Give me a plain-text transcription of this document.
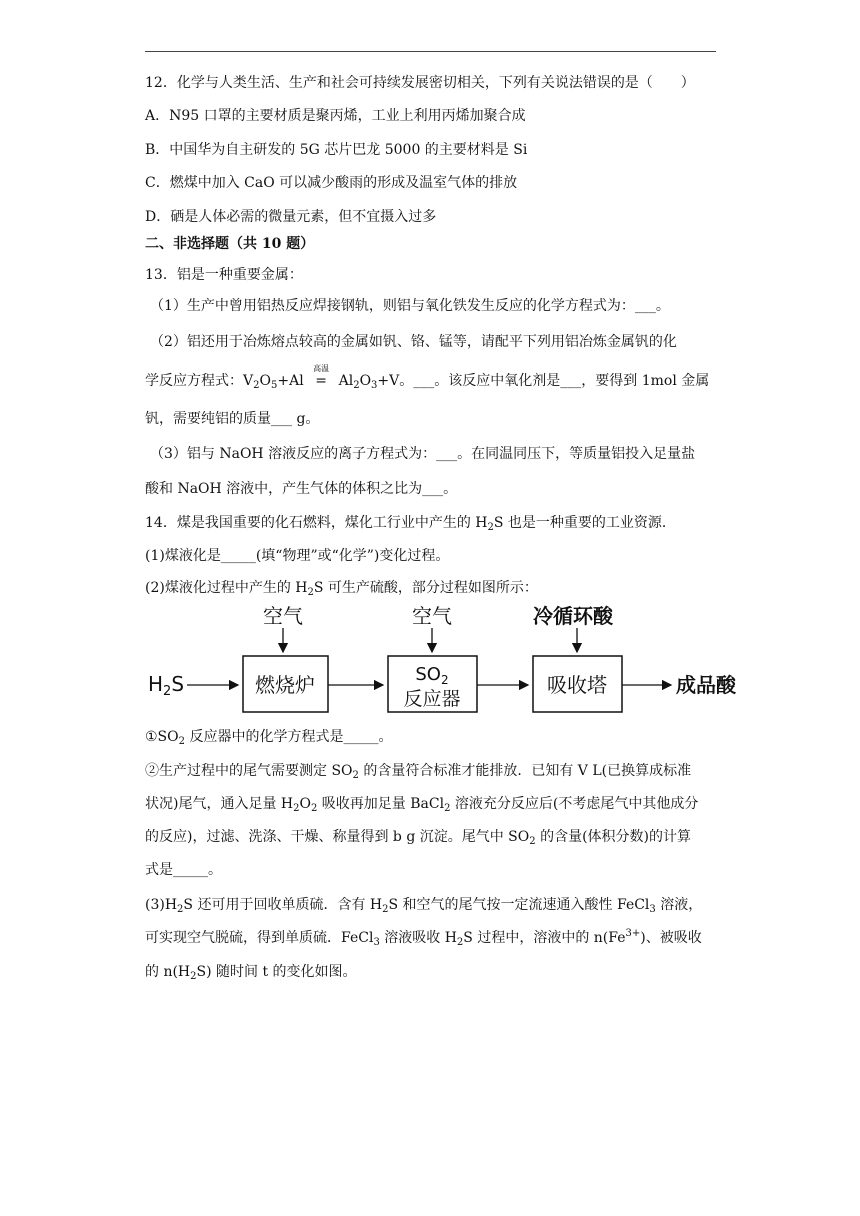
12．化学与人类生活、生产和社会可持续发展密切相关，下列有关说法错误的是（　　）
A．N95 口罩的主要材质是聚丙烯，工业上利用丙烯加聚合成
B．中国华为自主研发的 5G 芯片巴龙 5000 的主要材料是 Si
C．燃煤中加入 CaO 可以减少酸雨的形成及温室气体的排放
D．硒是人体必需的微量元素，但不宜摄入过多
二、非选择题（共 10 题）
13．铝是一种重要金属：
（1）生产中曾用铝热反应焊接钢轨，则铝与氧化铁发生反应的化学方程式为：___。
（2）铝还用于冶炼熔点较高的金属如钒、铬、锰等，请配平下列用铝冶炼金属钒的化
学反应方程式：$V_2O_5+Al$
高温
= $Al_2O_3+V$。___。该反应中氧化剂是___，要得到 1mol 金属
钒，需要纯铝的质量___ g。
（3）铝与 NaOH 溶液反应的离子方程式为：___。在同温同压下，等质量铝投入足量盐
酸和 NaOH 溶液中，产生气体的体积之比为___。
14．煤是我国重要的化石燃料，煤化工行业中产生的 $H_2S$ 也是一种重要的工业资源．
(1)煤液化是_____(填“物理”或“化学”)变化过程。
(2)煤液化过程中产生的 $H_2S$ 可生产硫酸，部分过程如图所示：
空气	空气	冷循环酸
$H_2S$	燃烧炉	$SO_2$
反应器
吸收塔	成品酸
$①SO_2$ 反应器中的化学方程式是_____。
②生产过程中的尾气需要测定 $SO_2$ 的含量符合标准才能排放．已知有 V L(已换算成标准
状况)尾气，通入足量 $H_2O_2$ 吸收再加足量 BaCl$_2$ 溶液充分反应后(不考虑尾气中其他成分
的反应)，过滤、洗涤、干燥、称量得到 b g 沉淀。尾气中 $SO_2$ 的含量(体积分数)的计算
式是_____。
$(3)H_2S$ 还可用于回收单质硫．含有 $H_2S$ 和空气的尾气按一定流速通入酸性 FeCl$_3$ 溶液，
可实现空气脱硫，得到单质硫．FeCl$_3$ 溶液吸收 $H_2S$ 过程中，溶液中的 $n(Fe^{3+})$、被吸收
的 $n(H_2S)$ 随时间 t 的变化如图。
